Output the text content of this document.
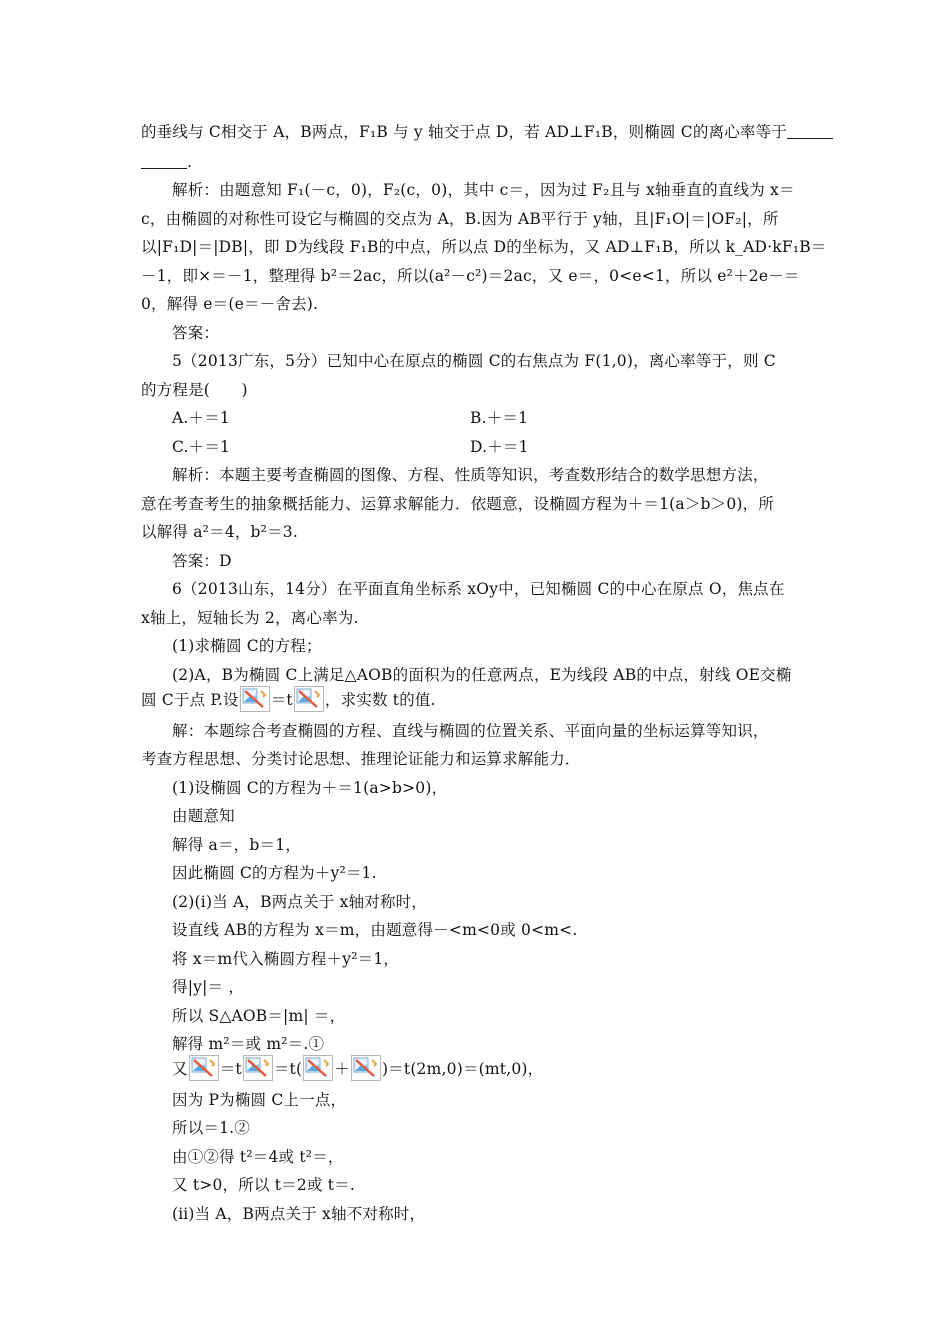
的垂线与 C相交于 A，B两点，F₁B 与 y 轴交于点 D，若 AD⊥F₁B，则椭圆 C的离心率等于
.
解析：由题意知 F₁(－c，0)，F₂(c，0)，其中 c＝，因为过 F₂且与 x轴垂直的直线为 x＝
c，由椭圆的对称性可设它与椭圆的交点为 A，B.因为 AB平行于 y轴，且|F₁O|＝|OF₂|，所
以|F₁D|＝|DB|，即 D为线段 F₁B的中点，所以点 D的坐标为，又 AD⊥F₁B，所以 k_AD·kF₁B＝
－1，即×＝－1，整理得 b²＝2ac，所以(a²－c²)＝2ac，又 e＝，0<e<1，所以 e²＋2e－＝
0，解得 e＝(e＝－舍去).
答案：
5（2013广东，5分）已知中心在原点的椭圆 C的右焦点为 F(1,0)，离心率等于，则 C
的方程是(　　)
A.＋＝1	B.＋＝1
C.＋＝1	D.＋＝1
解析：本题主要考查椭圆的图像、方程、性质等知识，考查数形结合的数学思想方法，
意在考查考生的抽象概括能力、运算求解能力．依题意，设椭圆方程为＋＝1(a＞b＞0)，所
以解得 a²＝4，b²＝3.
答案：D
6（2013山东，14分）在平面直角坐标系 xOy中，已知椭圆 C的中心在原点 O，焦点在
x轴上，短轴长为 2，离心率为.
(1)求椭圆 C的方程；
(2)A，B为椭圆 C上满足△AOB的面积为的任意两点，E为线段 AB的中点，射线 OE交椭
圆 C于点 P.设 ＝t ，求实数 t的值.
解：本题综合考查椭圆的方程、直线与椭圆的位置关系、平面向量的坐标运算等知识，
考查方程思想、分类讨论思想、推理论证能力和运算求解能力．
(1)设椭圆 C的方程为＋＝1(a>b>0)，
由题意知
解得 a＝，b＝1，
因此椭圆 C的方程为＋y²＝1.
(2)(ⅰ)当 A，B两点关于 x轴对称时，
设直线 AB的方程为 x＝m，由题意得－<m<0或 0<m<.
将 x＝m代入椭圆方程＋y²＝1，
得|y|＝ ，
所以 S△AOB＝|m| ＝，
解得 m²＝或 m²＝.①
又 ＝t ＝t( ＋ )＝t(2m,0)＝(mt,0)，
因为 P为椭圆 C上一点，
所以＝1.②
由①②得 t²＝4或 t²＝，
又 t>0，所以 t＝2或 t＝.
(ⅱ)当 A，B两点关于 x轴不对称时，
